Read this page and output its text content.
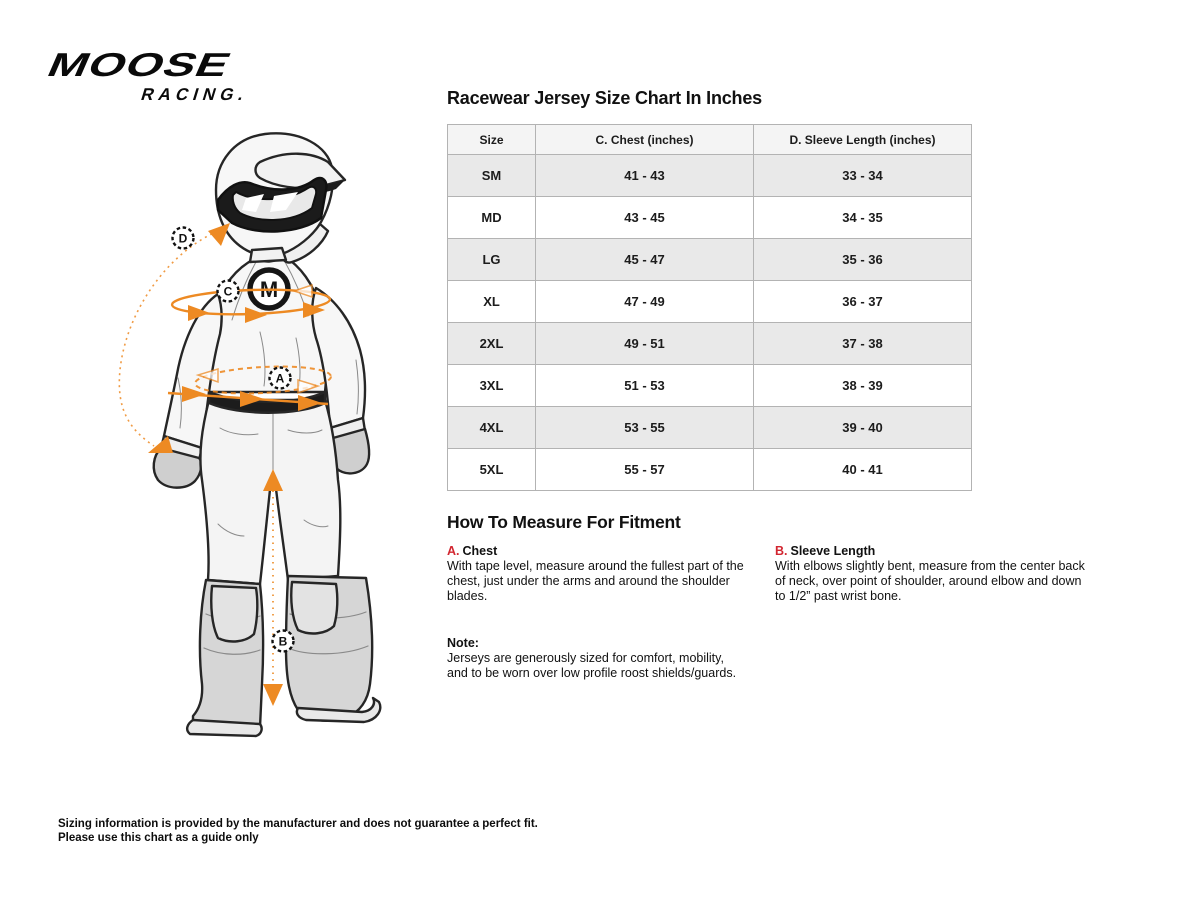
MOOSE
RACING.
M
D
C
A
B
Racewear Jersey Size Chart In Inches
Size	C. Chest (inches)	D. Sleeve Length (inches)
SM	41 - 43	33 - 34
MD	43 - 45	34 - 35
LG	45 - 47	35 - 36
XL	47 - 49	36 - 37
2XL	49 - 51	37 - 38
3XL	51 - 53	38 - 39
4XL	53 - 55	39 - 40
5XL	55 - 57	40 - 41
How To Measure For Fitment
A. Chest
With tape level, measure around the fullest part of the chest, just under the arms and around the shoulder blades.
Note:
Jerseys are generously sized for comfort, mobility, and to be worn over low profile roost shields/guards.
B. Sleeve Length
With elbows slightly bent, measure from the center back of neck, over point of shoulder, around elbow and down to 1/2” past wrist bone.
Sizing information is provided by the manufacturer and does not guarantee a perfect fit.
Please use this chart as a guide only
